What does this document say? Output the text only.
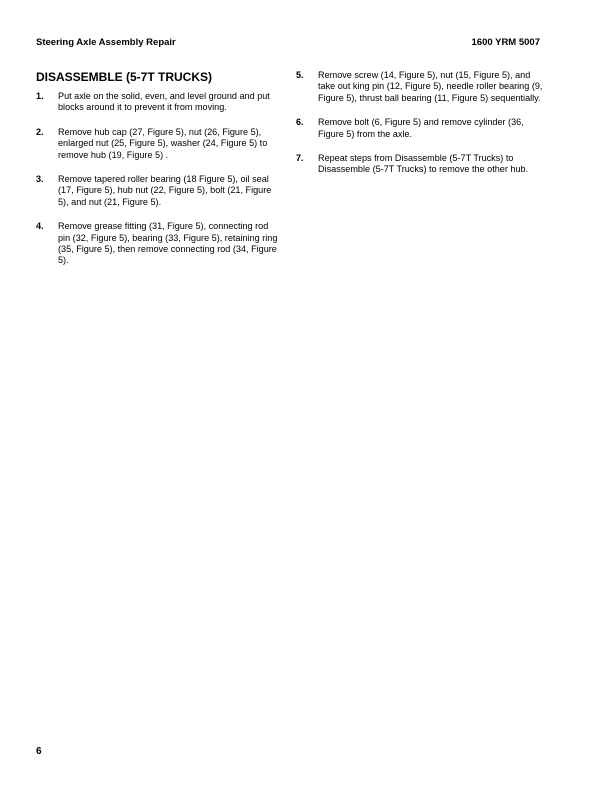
Steering Axle Assembly Repair	1600 YRM 5007
DISASSEMBLE (5-7T TRUCKS)
1. Put axle on the solid, even, and level ground and put blocks around it to prevent it from moving.
2. Remove hub cap (27, Figure 5), nut (26, Figure 5), enlarged nut (25, Figure 5), washer (24, Figure 5) to remove hub (19, Figure 5) .
3. Remove tapered roller bearing (18 Figure 5), oil seal (17, Figure 5), hub nut (22, Figure 5), bolt (21, Figure 5), and nut (21, Figure 5).
4. Remove grease fitting (31, Figure 5), connecting rod pin (32, Figure 5), bearing (33, Figure 5), retaining ring (35, Figure 5), then remove connecting rod (34, Figure 5).
5. Remove screw (14, Figure 5), nut (15, Figure 5), and take out king pin (12, Figure 5), needle roller bearing (9, Figure 5), thrust ball bearing (11, Figure 5) sequentially.
6. Remove bolt (6, Figure 5) and remove cylinder (36, Figure 5) from the axle.
7. Repeat steps from Disassemble (5-7T Trucks) to Disassemble (5-7T Trucks) to remove the other hub.
6
